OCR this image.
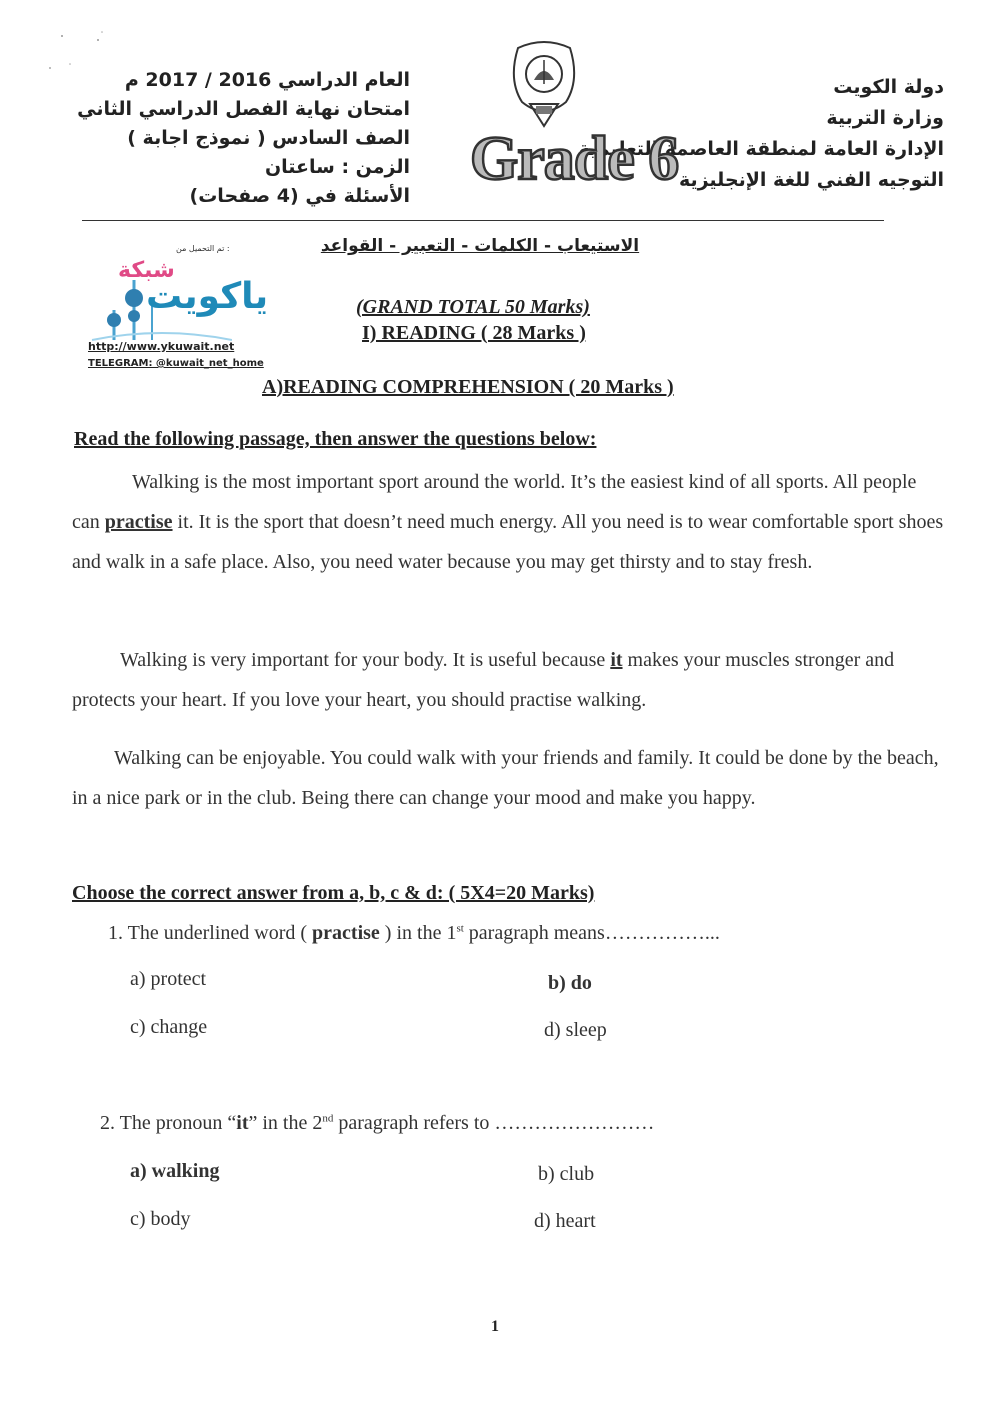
دولة الكويت
وزارة التربية
الإدارة العامة لمنطقة العاصمة التعليمية
التوجيه الفني للغة الإنجليزية
العام الدراسي 2016 / 2017 م
امتحان نهاية الفصل الدراسي الثاني
الصف السادس ( نموذج اجابة )
الزمن : ساعتان
الأسئلة في (4 صفحات)
Grade 6
الاستيعاب - الكلمات - التعبير - القواعد
تم التحميل من :
شبكة
ياكويت
http://www.ykuwait.net
TELEGRAM: @kuwait_net_home
(GRAND TOTAL 50 Marks)
I) READING ( 28 Marks )
A)READING COMPREHENSION ( 20 Marks )
Read the following passage, then answer the questions below:

Walking is the most important sport around the world. It’s the easiest kind of all sports. All people can practise it. It is the sport that doesn’t need much energy. All you need is to wear comfortable sport shoes and walk in a safe place. Also, you need water because you may get thirsty and to stay fresh.

Walking is very important for your body. It is useful because it makes your muscles stronger and protects your heart. If you love your heart, you should practise walking.

Walking can be enjoyable. You could walk with your friends and family. It could be done by the beach, in a nice park or in the club. Being there can change your mood and make you happy.

Choose the correct answer from a, b, c & d: ( 5X4=20 Marks)
1. The underlined word ( practise ) in the 1st paragraph means……………...
a) protect	b) do
c) change	d) sleep
2. The pronoun “it” in the 2nd paragraph refers to ……………………
a) walking	b) club
c) body	d) heart
1
